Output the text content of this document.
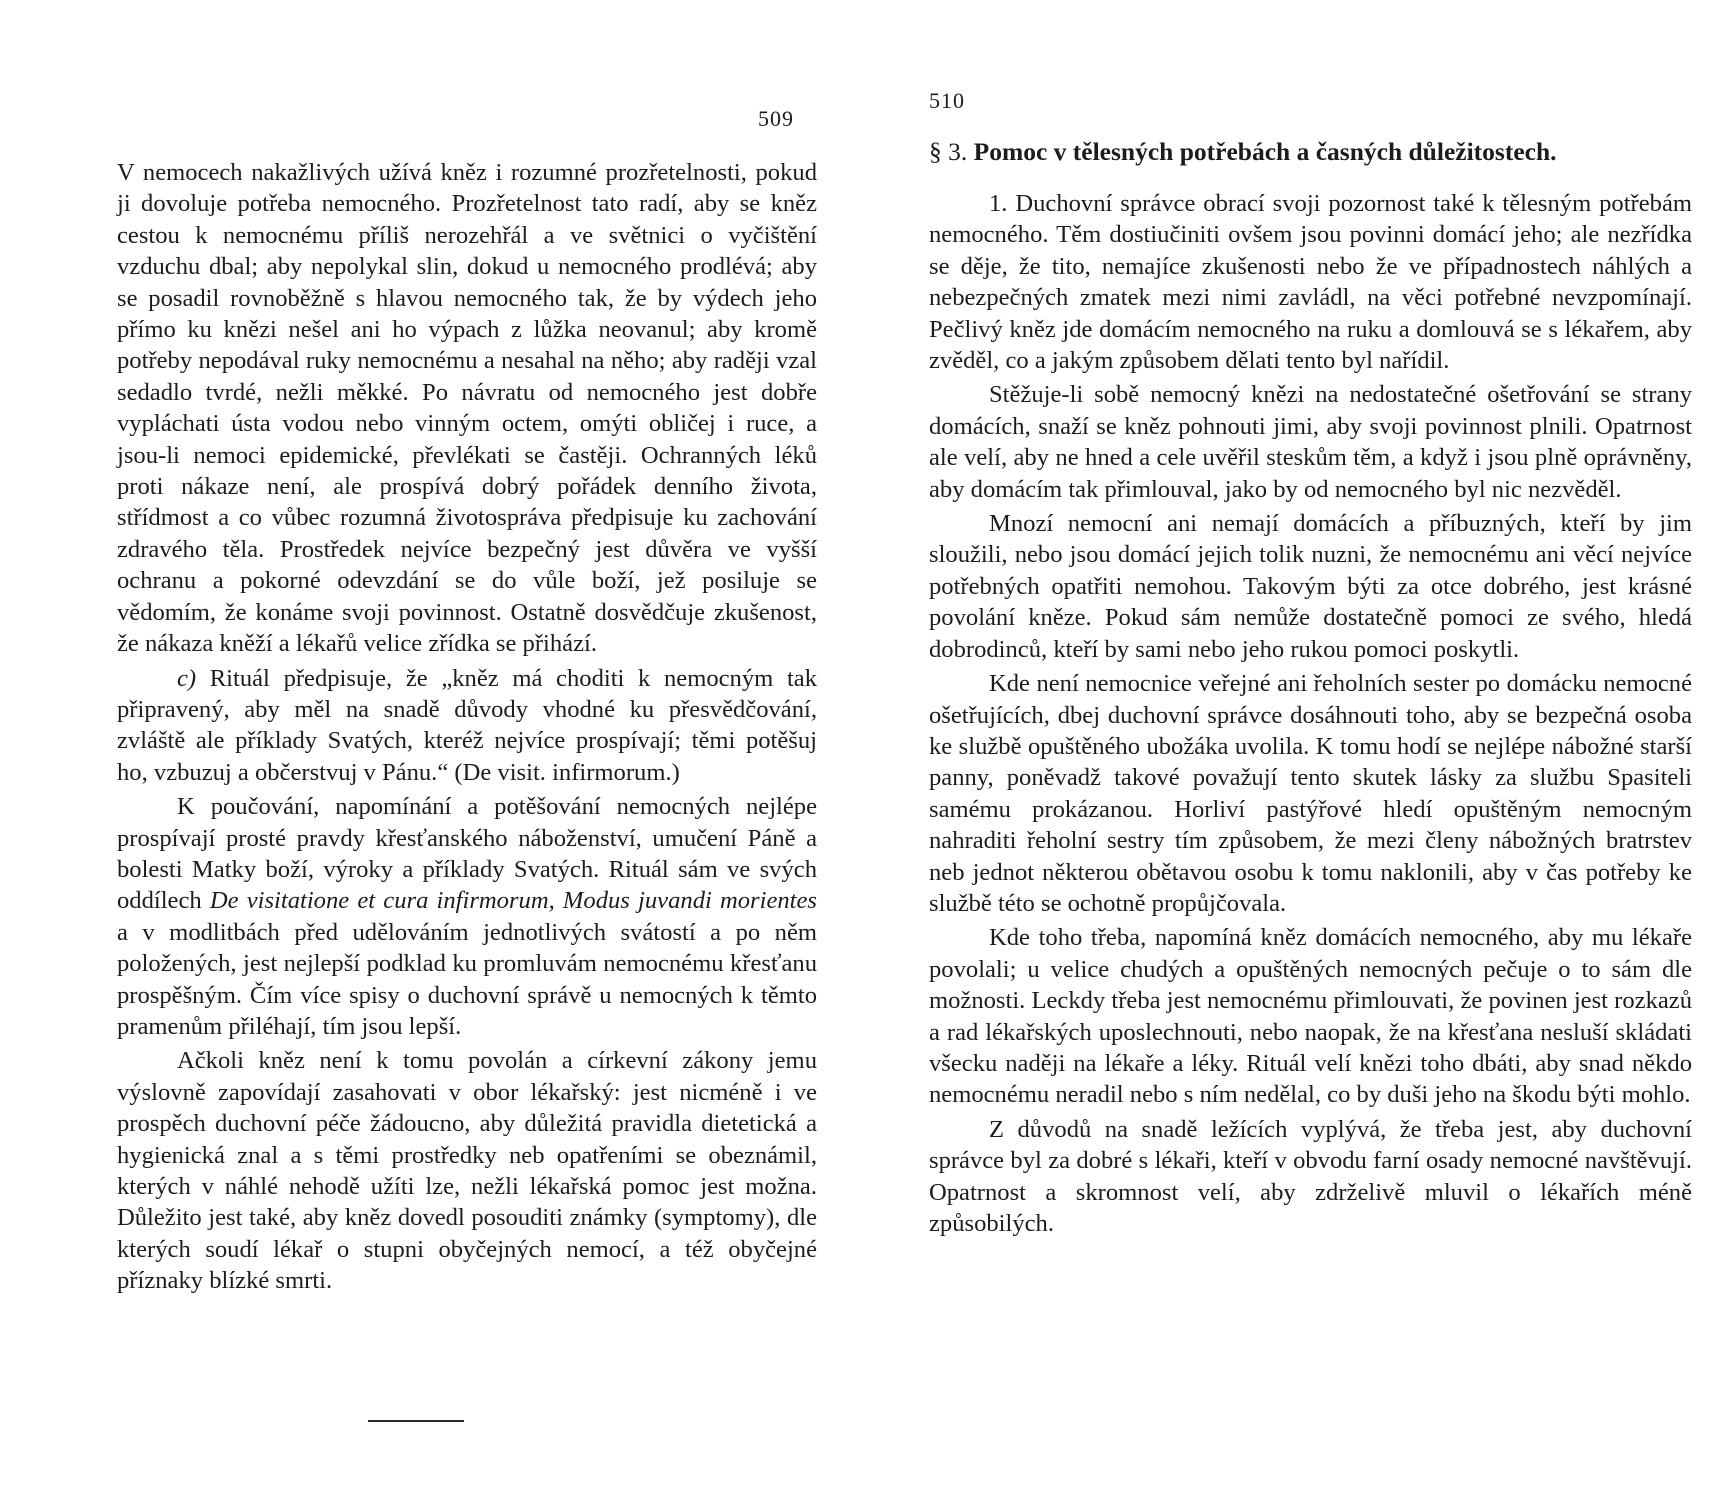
509

V nemocech nakažlivých užívá kněz i rozumné prozřetelnosti, pokud ji dovoluje potřeba nemocného. Prozřetelnost tato radí, aby se kněz cestou k nemocnému příliš nerozehřál a ve světnici o vyčištění vzduchu dbal; aby nepolykal slin, dokud u nemocného prodlévá; aby se posadil rovnoběžně s hlavou nemocného tak, že by výdech jeho přímo ku knězi nešel ani ho výpach z lůžka neovanul; aby kromě potřeby nepodával ruky nemocnému a nesahal na něho; aby raději vzal sedadlo tvrdé, nežli měkké. Po návratu od nemocného jest dobře vypláchati ústa vodou nebo vinným octem, omýti obličej i ruce, a jsou-li nemoci epidemické, převlékati se častěji. Ochranných léků proti nákaze není, ale prospívá dobrý pořádek denního života, střídmost a co vůbec rozumná životospráva předpisuje ku zachování zdravého těla. Prostředek nejvíce bezpečný jest důvěra ve vyšší ochranu a pokorné odevzdání se do vůle boží, jež posiluje se vědomím, že konáme svoji povinnost. Ostatně dosvědčuje zkušenost, že nákaza kněží a lékařů velice zřídka se přihází.

c) Rituál předpisuje, že „kněz má choditi k nemocným tak připravený, aby měl na snadě důvody vhodné ku přesvědčování, zvláště ale příklady Svatých, kteréž nejvíce prospívají; těmi potěšuj ho, vzbuzuj a občerstvuj v Pánu.“ (De visit. infirmorum.)

K poučování, napomínání a potěšování nemocných nejlépe prospívají prosté pravdy křesťanského náboženství, umučení Páně a bolesti Matky boží, výroky a příklady Svatých. Rituál sám ve svých oddílech De visitatione et cura infirmorum, Modus juvandi morientes a v modlitbách před udělováním jednotlivých svátostí a po něm položených, jest nejlepší podklad ku promluvám nemocnému křesťanu prospěšným. Čím více spisy o duchovní správě u nemocných k těmto pramenům přiléhají, tím jsou lepší.

Ačkoli kněz není k tomu povolán a církevní zákony jemu výslovně zapovídají zasahovati v obor lékařský: jest nicméně i ve prospěch duchovní péče žádoucno, aby důležitá pravidla dietetická a hygienická znal a s těmi prostředky neb opatřeními se obeznámil, kterých v náhlé nehodě užíti lze, nežli lékařská pomoc jest možna. Důležito jest také, aby kněz dovedl posouditi známky (symptomy), dle kterých soudí lékař o stupni obyčejných nemocí, a též obyčejné příznaky blízké smrti.

510
§ 3. Pomoc v tělesných potřebách a časných důležitostech.

1. Duchovní správce obrací svoji pozornost také k tělesným potřebám nemocného. Těm dostiučiniti ovšem jsou povinni domácí jeho; ale nezřídka se děje, že tito, nemajíce zkušenosti nebo že ve případnostech náhlých a nebezpečných zmatek mezi nimi zavládl, na věci potřebné nevzpomínají. Pečlivý kněz jde domácím nemocného na ruku a domlouvá se s lékařem, aby zvěděl, co a jakým způsobem dělati tento byl nařídil.

Stěžuje-li sobě nemocný knězi na nedostatečné ošetřování se strany domácích, snaží se kněz pohnouti jimi, aby svoji povinnost plnili. Opatrnost ale velí, aby ne hned a cele uvěřil steskům těm, a když i jsou plně oprávněny, aby domácím tak přimlouval, jako by od nemocného byl nic nezvěděl.

Mnozí nemocní ani nemají domácích a příbuzných, kteří by jim sloužili, nebo jsou domácí jejich tolik nuzni, že nemocnému ani věcí nejvíce potřebných opatřiti nemohou. Takovým býti za otce dobrého, jest krásné povolání kněze. Pokud sám nemůže dostatečně pomoci ze svého, hledá dobrodinců, kteří by sami nebo jeho rukou pomoci poskytli.

Kde není nemocnice veřejné ani řeholních sester po domácku nemocné ošetřujících, dbej duchovní správce dosáhnouti toho, aby se bezpečná osoba ke službě opuštěného ubožáka uvolila. K tomu hodí se nejlépe nábožné starší panny, poněvadž takové považují tento skutek lásky za službu Spasiteli samému prokázanou. Horliví pastýřové hledí opuštěným nemocným nahraditi řeholní sestry tím způsobem, že mezi členy nábožných bratrstev neb jednot některou obětavou osobu k tomu naklonili, aby v čas potřeby ke službě této se ochotně propůjčovala.

Kde toho třeba, napomíná kněz domácích nemocného, aby mu lékaře povolali; u velice chudých a opuštěných nemocných pečuje o to sám dle možnosti. Leckdy třeba jest nemocnému přimlouvati, že povinen jest rozkazů a rad lékařských uposlechnouti, nebo naopak, že na křesťana nesluší skládati všecku naději na lékaře a léky. Rituál velí knězi toho dbáti, aby snad někdo nemocnému neradil nebo s ním nedělal, co by duši jeho na škodu býti mohlo.

Z důvodů na snadě ležících vyplývá, že třeba jest, aby duchovní správce byl za dobré s lékaři, kteří v obvodu farní osady nemocné navštěvují. Opatrnost a skromnost velí, aby zdrželivě mluvil o lékařích méně způsobilých.
